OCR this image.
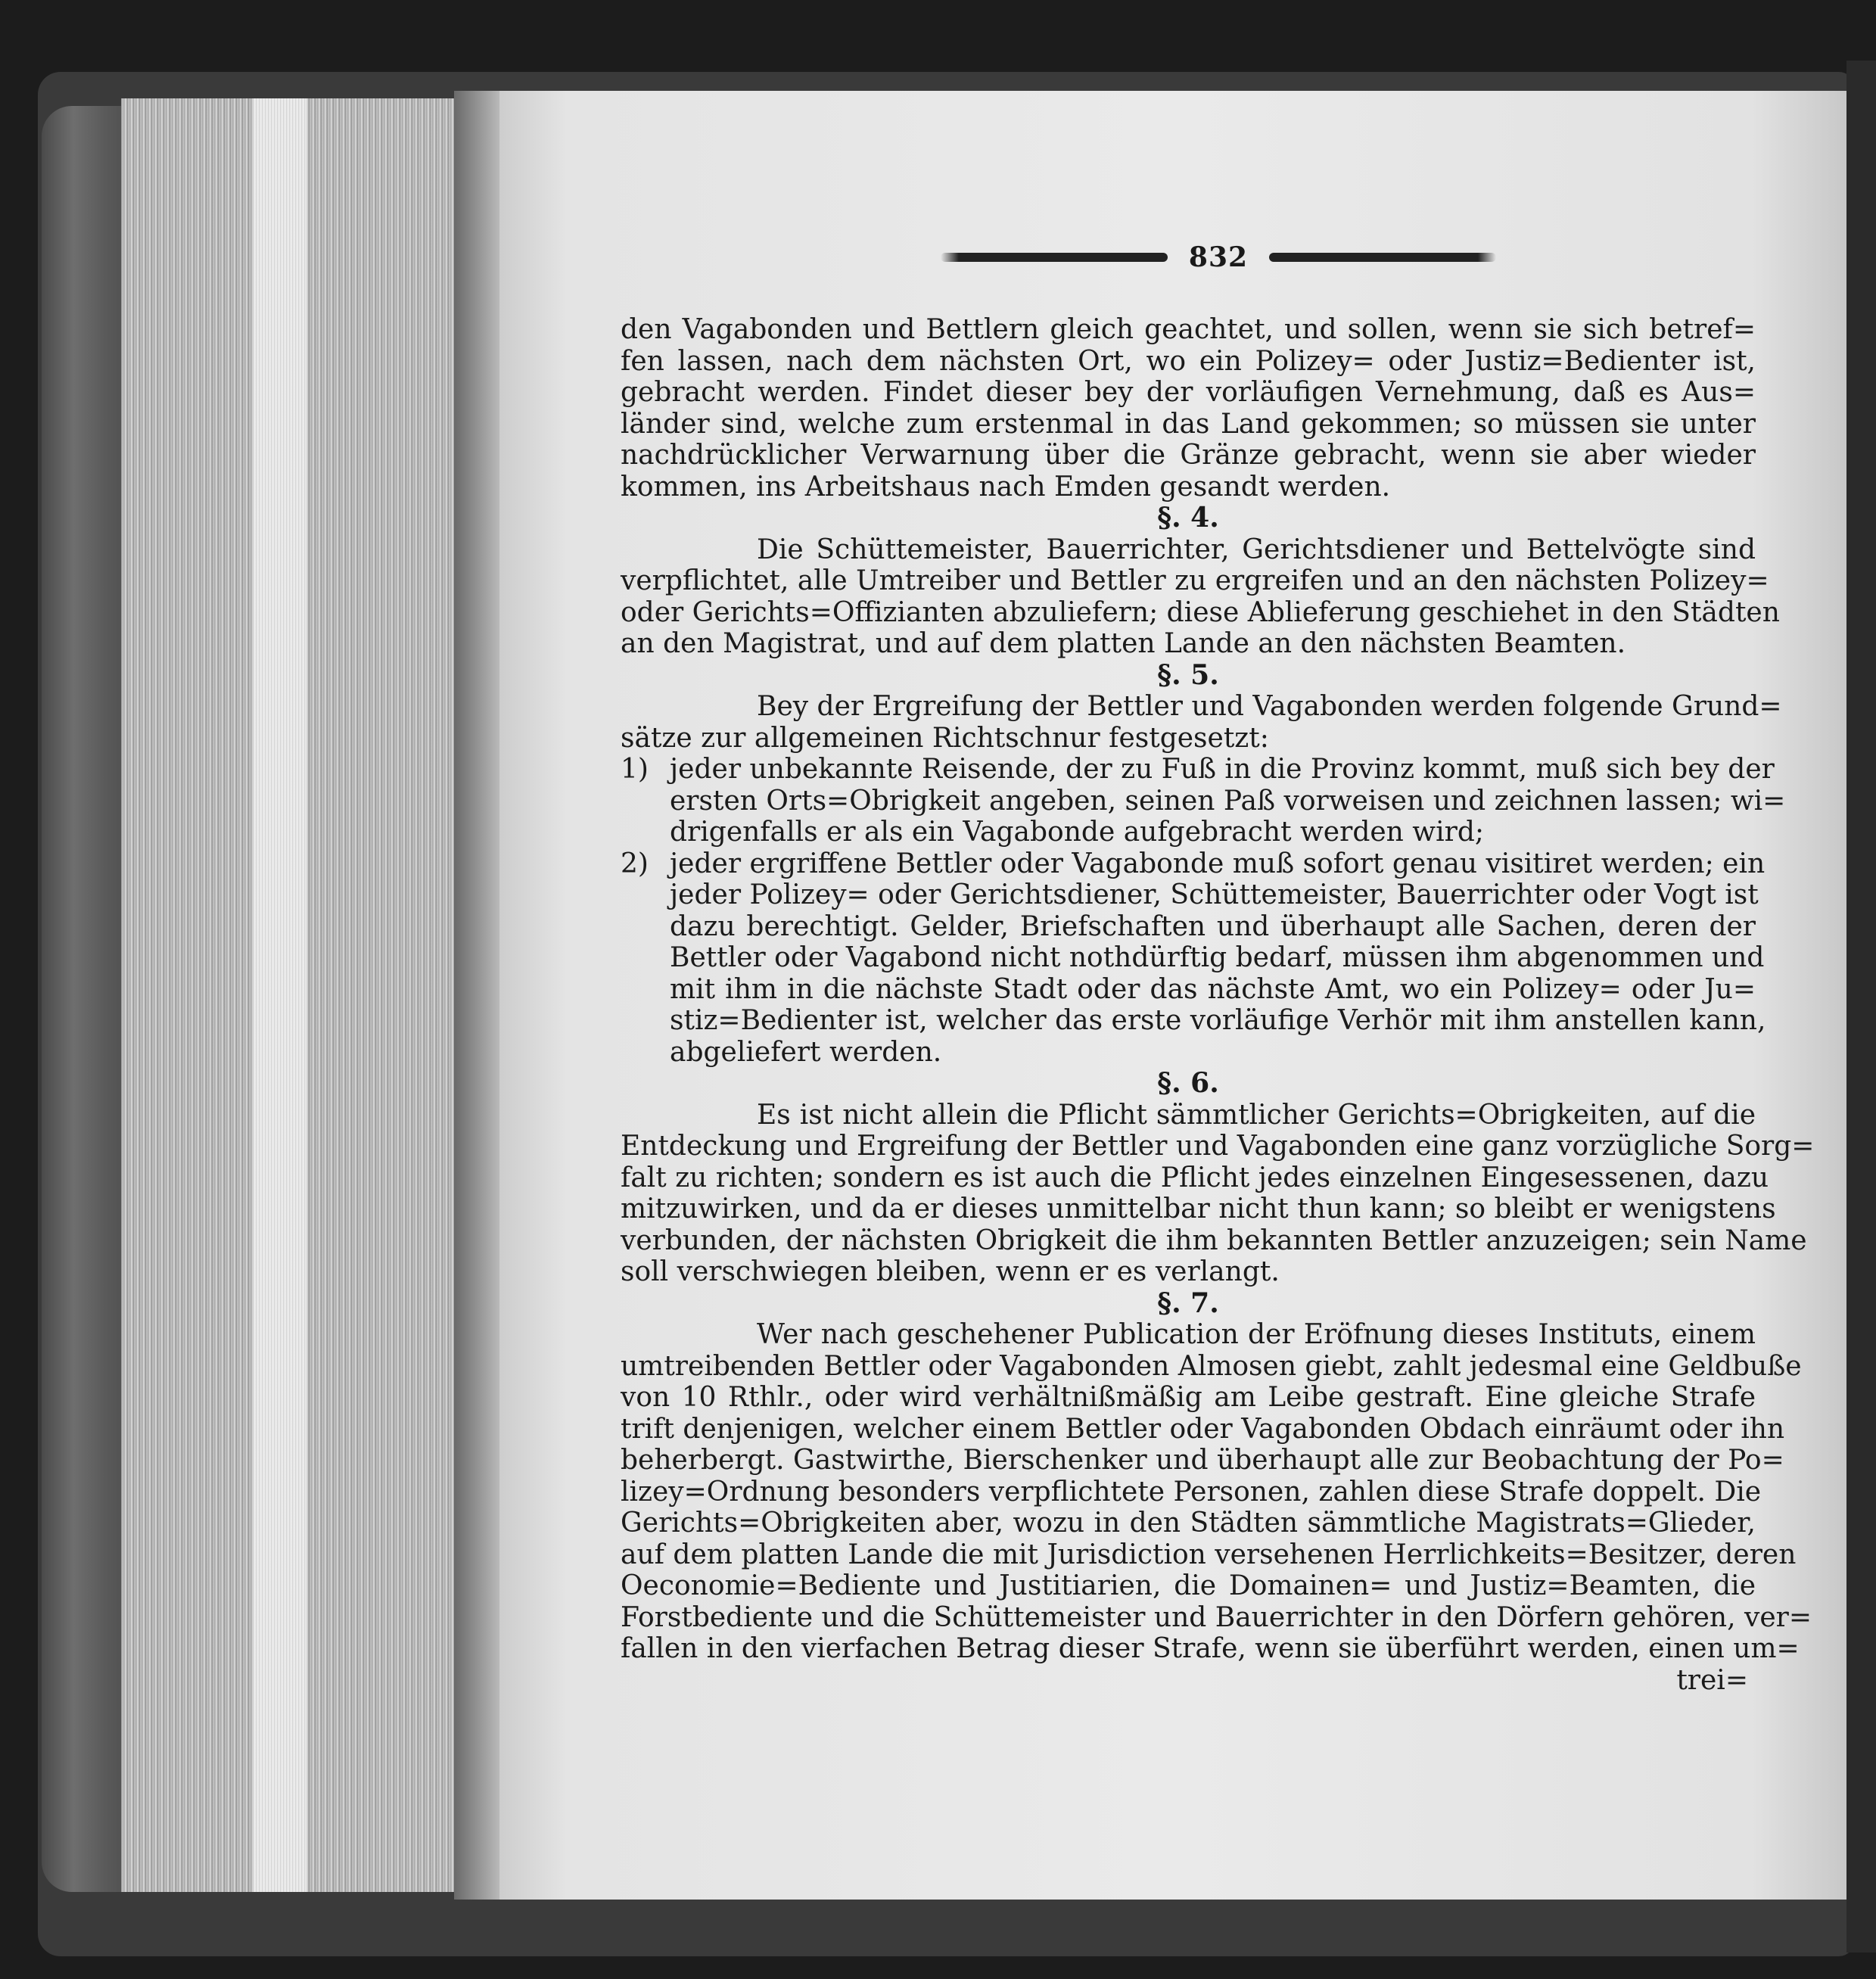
832
den Vagabonden und Bettlern gleich geachtet, und sollen, wenn sie sich betref=
fen lassen, nach dem nächsten Ort, wo ein Polizey= oder Justiz=Bedienter ist,
gebracht werden. Findet dieser bey der vorläufigen Vernehmung, daß es Aus=
länder sind, welche zum erstenmal in das Land gekommen; so müssen sie unter
nachdrücklicher Verwarnung über die Gränze gebracht, wenn sie aber wieder
kommen, ins Arbeitshaus nach Emden gesandt werden.
§. 4.
Die Schüttemeister, Bauerrichter, Gerichtsdiener und Bettelvögte sind
verpflichtet, alle Umtreiber und Bettler zu ergreifen und an den nächsten Polizey=
oder Gerichts=Offizianten abzuliefern; diese Ablieferung geschiehet in den Städten
an den Magistrat, und auf dem platten Lande an den nächsten Beamten.
§. 5.
Bey der Ergreifung der Bettler und Vagabonden werden folgende Grund=
sätze zur allgemeinen Richtschnur festgesetzt:
1) jeder unbekannte Reisende, der zu Fuß in die Provinz kommt, muß sich bey der
ersten Orts=Obrigkeit angeben, seinen Paß vorweisen und zeichnen lassen; wi=
drigenfalls er als ein Vagabonde aufgebracht werden wird;
2) jeder ergriffene Bettler oder Vagabonde muß sofort genau visitiret werden; ein
jeder Polizey= oder Gerichtsdiener, Schüttemeister, Bauerrichter oder Vogt ist
dazu berechtigt. Gelder, Briefschaften und überhaupt alle Sachen, deren der
Bettler oder Vagabond nicht nothdürftig bedarf, müssen ihm abgenommen und
mit ihm in die nächste Stadt oder das nächste Amt, wo ein Polizey= oder Ju=
stiz=Bedienter ist, welcher das erste vorläufige Verhör mit ihm anstellen kann,
abgeliefert werden.
§. 6.
Es ist nicht allein die Pflicht sämmtlicher Gerichts=Obrigkeiten, auf die
Entdeckung und Ergreifung der Bettler und Vagabonden eine ganz vorzügliche Sorg=
falt zu richten; sondern es ist auch die Pflicht jedes einzelnen Eingesessenen, dazu
mitzuwirken, und da er dieses unmittelbar nicht thun kann; so bleibt er wenigstens
verbunden, der nächsten Obrigkeit die ihm bekannten Bettler anzuzeigen; sein Name
soll verschwiegen bleiben, wenn er es verlangt.
§. 7.
Wer nach geschehener Publication der Eröfnung dieses Instituts, einem
umtreibenden Bettler oder Vagabonden Almosen giebt, zahlt jedesmal eine Geldbuße
von 10 Rthlr., oder wird verhältnißmäßig am Leibe gestraft. Eine gleiche Strafe
trift denjenigen, welcher einem Bettler oder Vagabonden Obdach einräumt oder ihn
beherbergt. Gastwirthe, Bierschenker und überhaupt alle zur Beobachtung der Po=
lizey=Ordnung besonders verpflichtete Personen, zahlen diese Strafe doppelt. Die
Gerichts=Obrigkeiten aber, wozu in den Städten sämmtliche Magistrats=Glieder,
auf dem platten Lande die mit Jurisdiction versehenen Herrlichkeits=Besitzer, deren
Oeconomie=Bediente und Justitiarien, die Domainen= und Justiz=Beamten, die
Forstbediente und die Schüttemeister und Bauerrichter in den Dörfern gehören, ver=
fallen in den vierfachen Betrag dieser Strafe, wenn sie überführt werden, einen um=
trei=
